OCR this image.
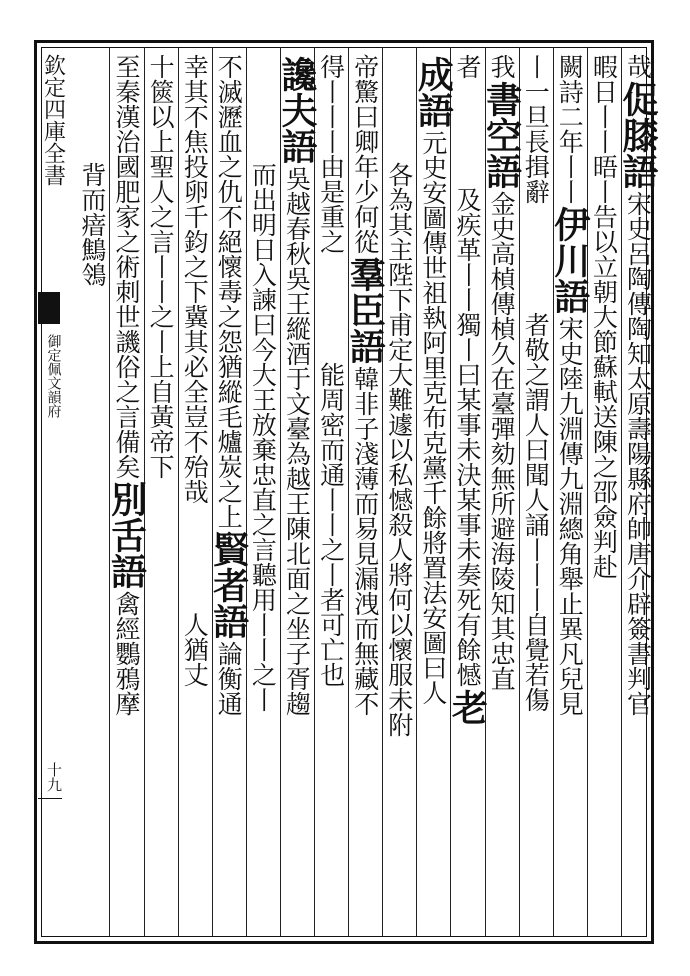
欽定四庫全書
御定佩文韻府
十九
哉
促膝語
宋史呂陶傳陶知太原壽陽縣府帥唐介辟簽書判官
暇日丨丨晤丨告以立朝大節蘇軾送陳之邵僉判赴
闕詩二年丨丨
伊川語
宋史陸九淵傳九淵總角舉止異凡兒見
丨一旦長揖辭
者敬之謂人曰聞人誦丨丨丨自覺若傷
我
書空語
金史高楨傳楨久在臺彈劾無所避海陵知其忠直
者
及疾革丨丨獨丨曰某事未決某事未奏死有餘憾
老
成語
元史安圖傳世祖執阿里克布克黨千餘將置法安圖曰人
各為其主陛下甫定大難遽以私憾殺人將何以懷服未附
帝驚曰卿年少何從
羣臣語
韓非子淺薄而易見漏洩而無藏不
得丨丨丨由是重之
能周密而通丨丨之丨者可亡也
讒夫語
吳越春秋吳王縱酒于文臺為越王陳北面之坐子胥趨
而出明日入諫曰今大王放棄忠直之言聽用丨丨之丨
不滅瀝血之仇不絕懷毒之怨猶縱毛爐炭之上
賢者語
論衡通
幸其不焦投卵千鈞之下冀其必全豈不殆哉
人猶丈
十篋以上聖人之言丨丨之丨上自黃帝下
至秦漢治國肥家之術刺世譏俗之言備矣
別舌語
禽經鸚鴉摩
背而瘖鷦鴒
